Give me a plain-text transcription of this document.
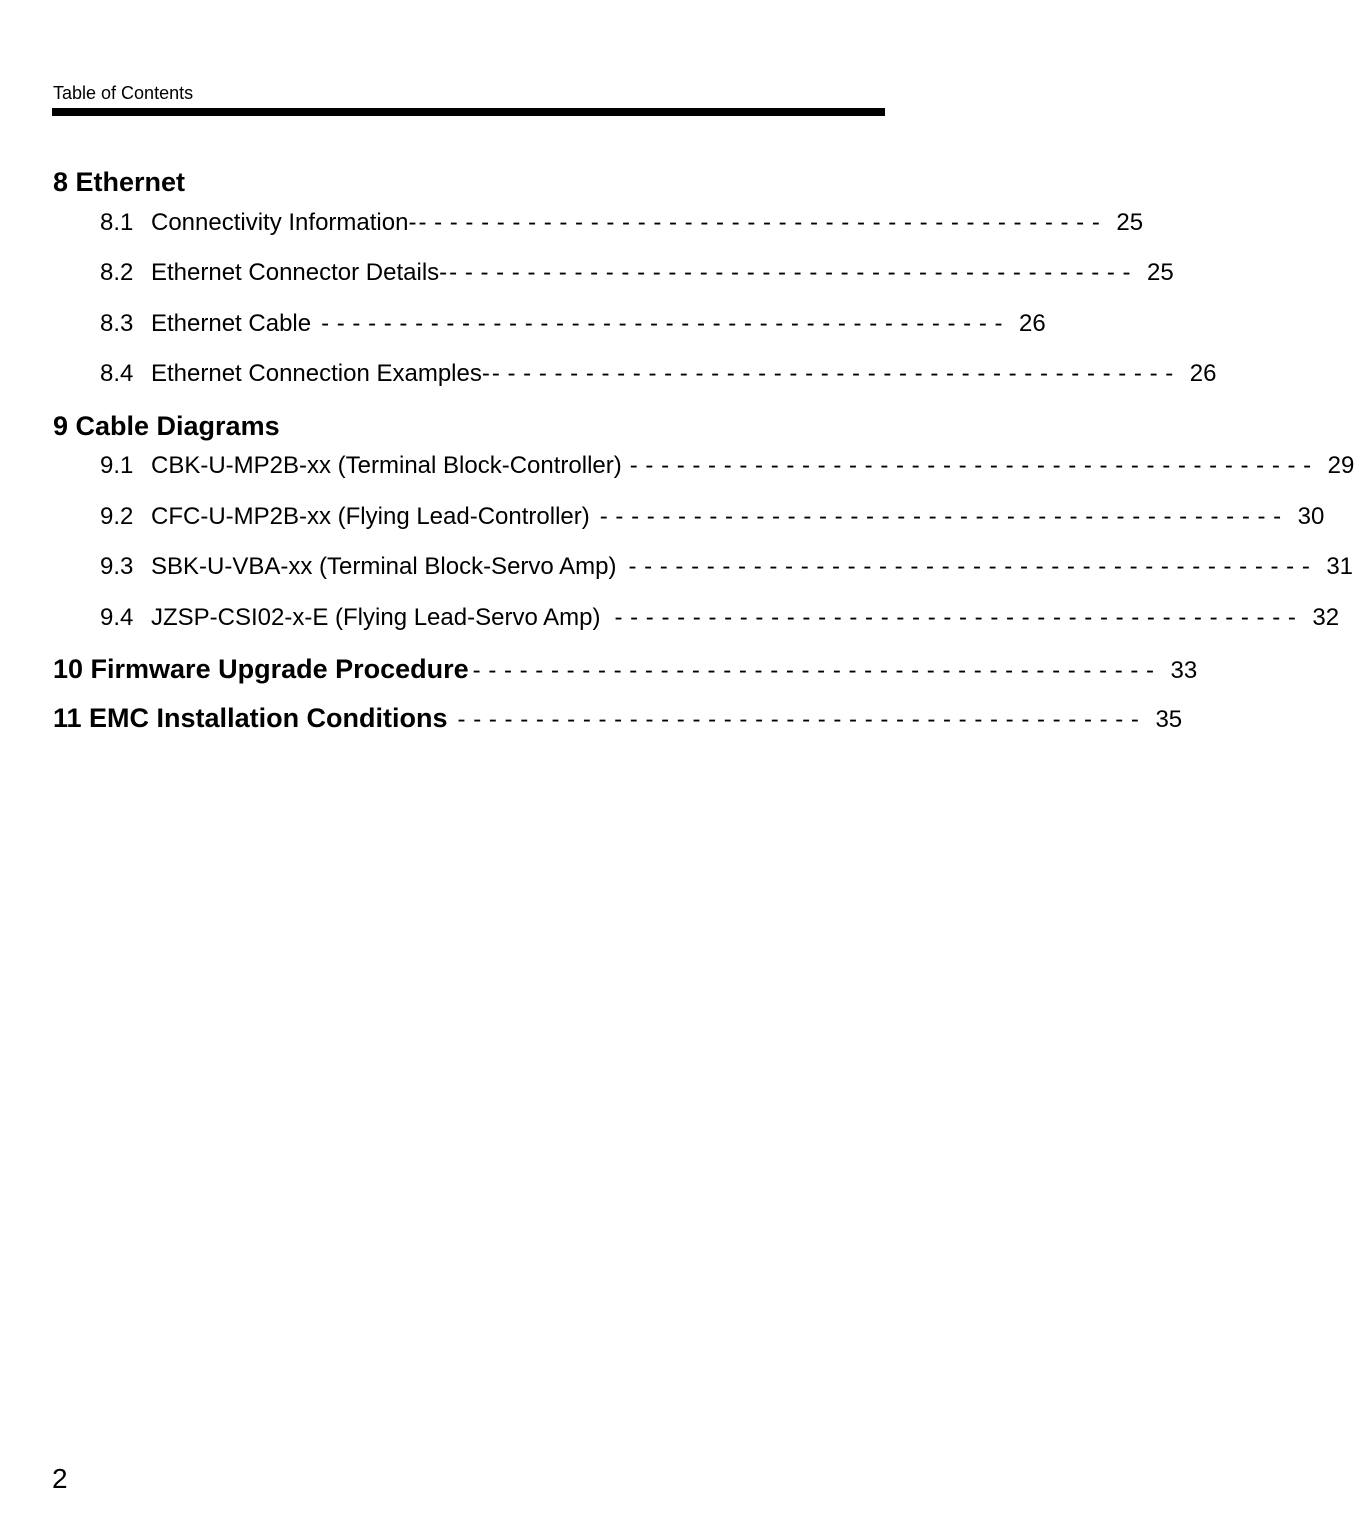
Table of Contents
8 Ethernet
8.1 Connectivity Information- - - - - - - - - - - - - - - - - - - - - - - - - - - - - - - - - - - - - - - - - - - - - 25
8.2 Ethernet Connector Details- - - - - - - - - - - - - - - - - - - - - - - - - - - - - - - - - - - - - - - - - - - - - 25
8.3 Ethernet Cable - - - - - - - - - - - - - - - - - - - - - - - - - - - - - - - - - - - - - - - - - - - - 26
8.4 Ethernet Connection Examples- - - - - - - - - - - - - - - - - - - - - - - - - - - - - - - - - - - - - - - - - - - - - 26
9 Cable Diagrams
9.1 CBK-U-MP2B-xx (Terminal Block-Controller) - - - - - - - - - - - - - - - - - - - - - - - - - - - - - - - - - - - - - - - - - - - - 29
9.2 CFC-U-MP2B-xx (Flying Lead-Controller) - - - - - - - - - - - - - - - - - - - - - - - - - - - - - - - - - - - - - - - - - - - - 30
9.3 SBK-U-VBA-xx (Terminal Block-Servo Amp) - - - - - - - - - - - - - - - - - - - - - - - - - - - - - - - - - - - - - - - - - - - - 31
9.4 JZSP-CSI02-x-E (Flying Lead-Servo Amp) - - - - - - - - - - - - - - - - - - - - - - - - - - - - - - - - - - - - - - - - - - - - 32
10 Firmware Upgrade Procedure - - - - - - - - - - - - - - - - - - - - - - - - - - - - - - - - - - - - - - - - - - - - 33
11 EMC Installation Conditions - - - - - - - - - - - - - - - - - - - - - - - - - - - - - - - - - - - - - - - - - - - - 35
2
